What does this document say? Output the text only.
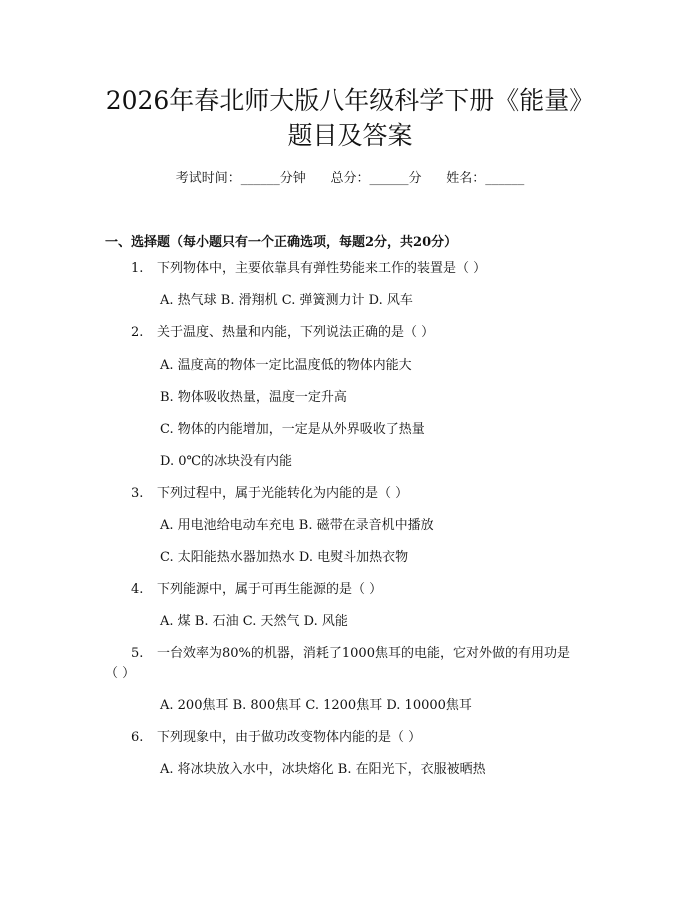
2026年春北师大版八年级科学下册《能量》
题目及答案
考试时间：______分钟      总分：______分      姓名：______
一、选择题（每小题只有一个正确选项，每题2分，共20分）
1. 下列物体中，主要依靠具有弹性势能来工作的装置是（ ）
A. 热气球 B. 滑翔机 C. 弹簧测力计 D. 风车
2. 关于温度、热量和内能，下列说法正确的是（ ）
A. 温度高的物体一定比温度低的物体内能大
B. 物体吸收热量，温度一定升高
C. 物体的内能增加，一定是从外界吸收了热量
D. 0℃的冰块没有内能
3. 下列过程中，属于光能转化为内能的是（ ）
A. 用电池给电动车充电 B. 磁带在录音机中播放
C. 太阳能热水器加热水 D. 电熨斗加热衣物
4. 下列能源中，属于可再生能源的是（ ）
A. 煤 B. 石油 C. 天然气 D. 风能
5. 一台效率为80%的机器，消耗了1000焦耳的电能，它对外做的有用功是
（ ）
A. 200焦耳 B. 800焦耳 C. 1200焦耳 D. 10000焦耳
6. 下列现象中，由于做功改变物体内能的是（ ）
A. 将冰块放入水中，冰块熔化 B. 在阳光下，衣服被晒热
